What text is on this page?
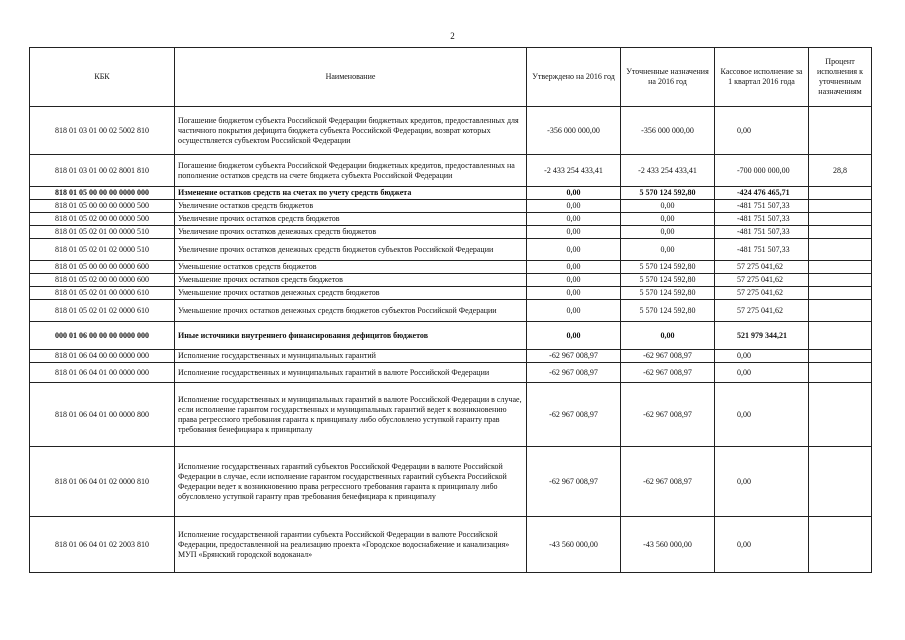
2
КБК	Наименование	Утверждено на 2016 год	Уточненные назначения на 2016 год	Кассовое исполнение за 1 квартал 2016 года	Процент исполнения к уточненным назначениям
818 01 03 01 00 02 5002 810	Погашение бюджетом субъекта Российской Федерации бюджетных кредитов, предоставленных для частичного покрытия дефицита бюджета субъекта Российской Федерации, возврат которых осуществляется субъектом Российской Федерации	-356 000 000,00	-356 000 000,00	0,00	
818 01 03 01 00 02 8001 810	Погашение бюджетом субъекта Российской Федерации бюджетных кредитов, предоставленных на пополнение остатков средств на счете бюджета субъекта Российской Федерации	-2 433 254 433,41	-2 433 254 433,41	-700 000 000,00	28,8
818 01 05 00 00 00 0000 000	Изменение остатков средств на счетах по учету средств бюджета	0,00	5 570 124 592,80	-424 476 465,71	
818 01 05 00 00 00 0000 500	Увеличение остатков средств бюджетов	0,00	0,00	-481 751 507,33	
818 01 05 02 00 00 0000 500	Увеличение прочих остатков средств бюджетов	0,00	0,00	-481 751 507,33	
818 01 05 02 01 00 0000 510	Увеличение прочих остатков денежных средств бюджетов	0,00	0,00	-481 751 507,33	
818 01 05 02 01 02 0000 510	Увеличение прочих остатков денежных средств бюджетов субъектов Российской Федерации	0,00	0,00	-481 751 507,33	
818 01 05 00 00 00 0000 600	Уменьшение остатков средств бюджетов	0,00	5 570 124 592,80	57 275 041,62	
818 01 05 02 00 00 0000 600	Уменьшение прочих остатков средств бюджетов	0,00	5 570 124 592,80	57 275 041,62	
818 01 05 02 01 00 0000 610	Уменьшение прочих остатков денежных средств бюджетов	0,00	5 570 124 592,80	57 275 041,62	
818 01 05 02 01 02 0000 610	Уменьшение прочих остатков денежных средств бюджетов субъектов Российской Федерации	0,00	5 570 124 592,80	57 275 041,62	
000 01 06 00 00 00 0000 000	Иные источники внутреннего финансирования дефицитов бюджетов	0,00	0,00	521 979 344,21	
818 01 06 04 00 00 0000 000	Исполнение государственных и муниципальных гарантий	-62 967 008,97	-62 967 008,97	0,00	
818 01 06 04 01 00 0000 000	Исполнение государственных и муниципальных гарантий в валюте Российской Федерации	-62 967 008,97	-62 967 008,97	0,00	
818 01 06 04 01 00 0000 800	Исполнение государственных и муниципальных гарантий в валюте Российской Федерации в случае, если исполнение гарантом государственных и муниципальных гарантий ведет к возникновению права регрессного требования гаранта к принципалу либо обусловлено уступкой гаранту прав требования бенефициара к принципалу	-62 967 008,97	-62 967 008,97	0,00	
818 01 06 04 01 02 0000 810	Исполнение государственных гарантий субъектов Российской Федерации в валюте Российской Федерации в случае, если исполнение гарантом государственных гарантий субъекта Российской Федерации ведет к возникновению права регрессного требования гаранта к принципалу либо обусловлено уступкой гаранту прав требования бенефициара к принципалу	-62 967 008,97	-62 967 008,97	0,00	
818 01 06 04 01 02 2003 810	Исполнение государственной гарантии субъекта Российской Федерации в валюте Российской Федерации, предоставленной на реализацию проекта «Городское водоснабжение и канализация» МУП «Брянский городской водоканал»	-43 560 000,00	-43 560 000,00	0,00	
